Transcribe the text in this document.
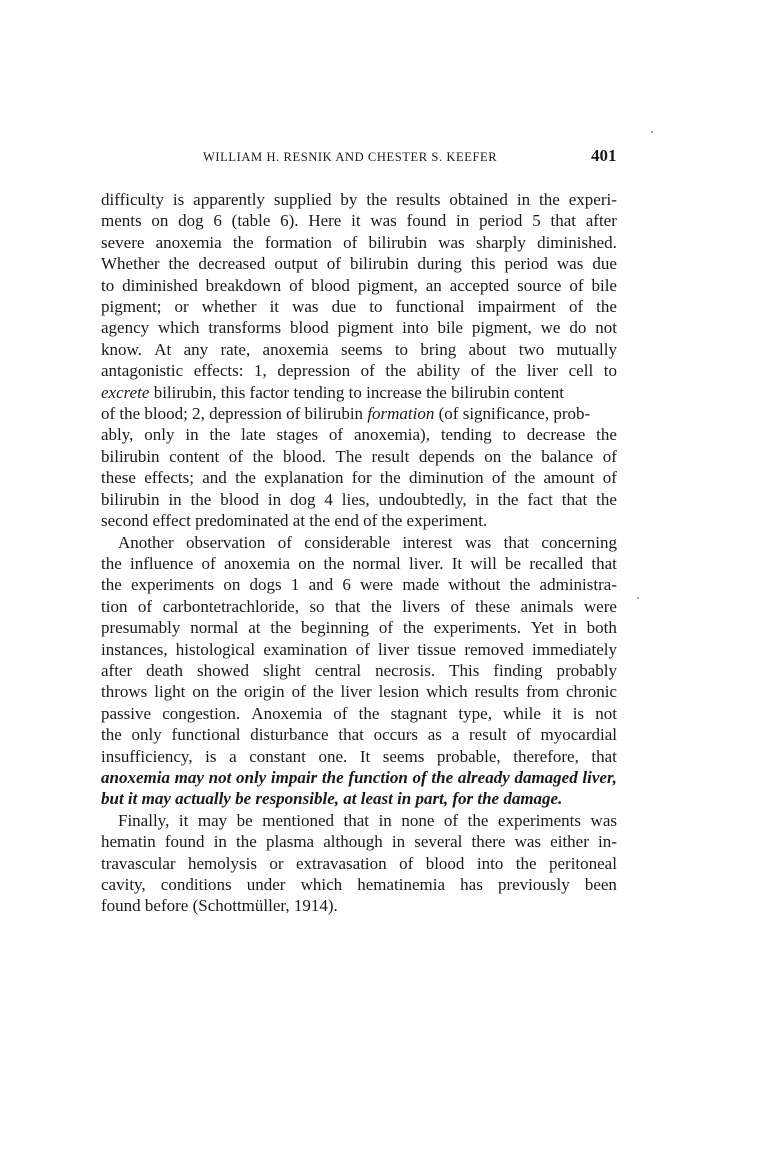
WILLIAM H. RESNIK AND CHESTER S. KEEFER	401
difficulty is apparently supplied by the results obtained in the experi-
ments on dog 6 (table 6). Here it was found in period 5 that after
severe anoxemia the formation of bilirubin was sharply diminished.
Whether the decreased output of bilirubin during this period was due
to diminished breakdown of blood pigment, an accepted source of bile
pigment; or whether it was due to functional impairment of the
agency which transforms blood pigment into bile pigment, we do not
know. At any rate, anoxemia seems to bring about two mutually
antagonistic effects: 1, depression of the ability of the liver cell to
excrete bilirubin, this factor tending to increase the bilirubin content
of the blood; 2, depression of bilirubin formation (of significance, prob-
ably, only in the late stages of anoxemia), tending to decrease the
bilirubin content of the blood. The result depends on the balance of
these effects; and the explanation for the diminution of the amount of
bilirubin in the blood in dog 4 lies, undoubtedly, in the fact that the
second effect predominated at the end of the experiment.
Another observation of considerable interest was that concerning
the influence of anoxemia on the normal liver. It will be recalled that
the experiments on dogs 1 and 6 were made without the administra-
tion of carbontetrachloride, so that the livers of these animals were
presumably normal at the beginning of the experiments. Yet in both
instances, histological examination of liver tissue removed immediately
after death showed slight central necrosis. This finding probably
throws light on the origin of the liver lesion which results from chronic
passive congestion. Anoxemia of the stagnant type, while it is not
the only functional disturbance that occurs as a result of myocardial
insufficiency, is a constant one. It seems probable, therefore, that
anoxemia may not only impair the function of the already damaged liver,
but it may actually be responsible, at least in part, for the damage.
Finally, it may be mentioned that in none of the experiments was
hematin found in the plasma although in several there was either in-
travascular hemolysis or extravasation of blood into the peritoneal
cavity, conditions under which hematinemia has previously been
found before (Schottmüller, 1914).
